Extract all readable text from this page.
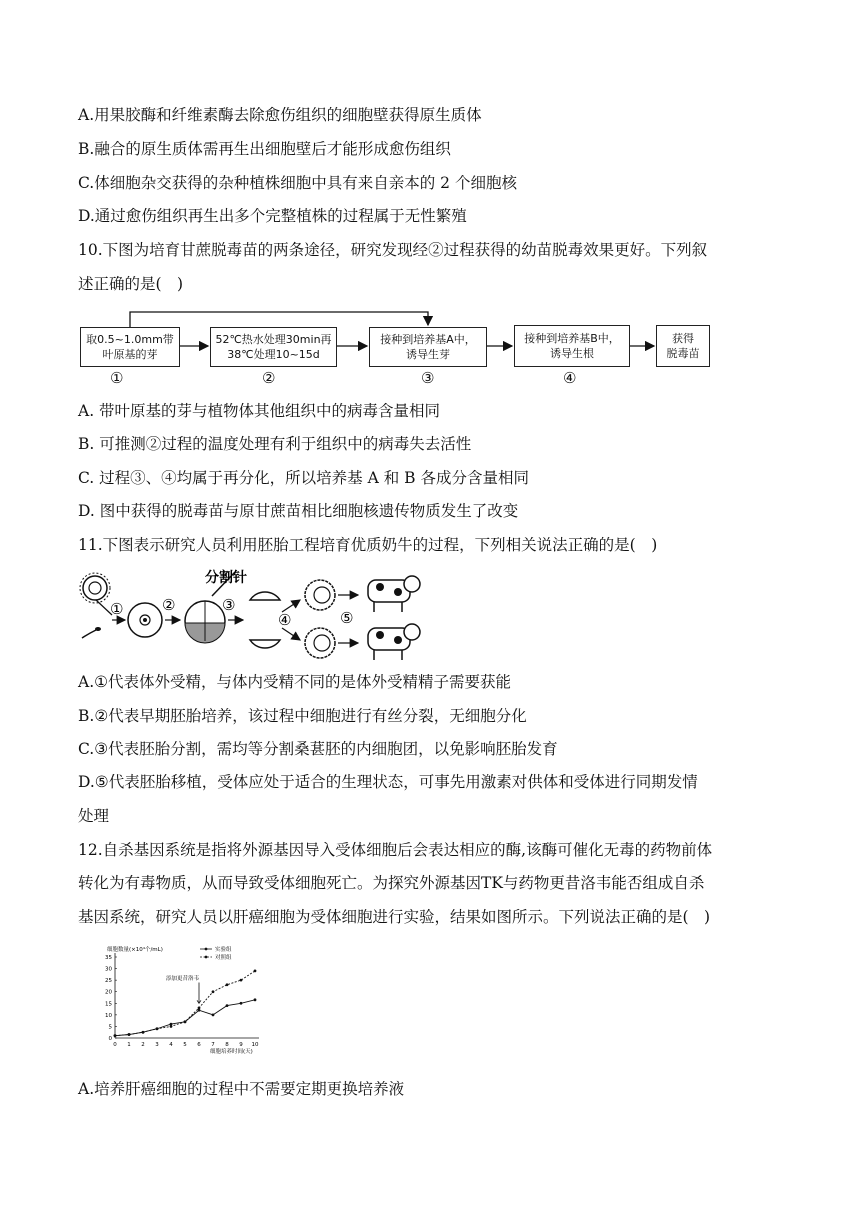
A.用果胶酶和纤维素酶去除愈伤组织的细胞壁获得原生质体
B.融合的原生质体需再生出细胞壁后才能形成愈伤组织
C.体细胞杂交获得的杂种植株细胞中具有来自亲本的 2 个细胞核
D.通过愈伤组织再生出多个完整植株的过程属于无性繁殖
10.下图为培育甘蔗脱毒苗的两条途径，研究发现经②过程获得的幼苗脱毒效果更好。下列叙
述正确的是(　)
取0.5~1.0mm带
叶原基的芽
52℃热水处理30min再
38℃处理10~15d
接种到培养基A中，
诱导生芽
接种到培养基B中，
诱导生根
获得
脱毒苗
①	②	③	④
A. 带叶原基的芽与植物体其他组织中的病毒含量相同
B. 可推测②过程的温度处理有利于组织中的病毒失去活性
C. 过程③、④均属于再分化，所以培养基 A 和 B 各成分含量相同
D. 图中获得的脱毒苗与原甘蔗苗相比细胞核遗传物质发生了改变
11.下图表示研究人员利用胚胎工程培育优质奶牛的过程，下列相关说法正确的是(　)
①	②
分割针
③
④	⑤
A.①代表体外受精，与体内受精不同的是体外受精精子需要获能
B.②代表早期胚胎培养，该过程中细胞进行有丝分裂，无细胞分化
C.③代表胚胎分割，需均等分割桑葚胚的内细胞团，以免影响胚胎发育
D.⑤代表胚胎移植，受体应处于适合的生理状态，可事先用激素对供体和受体进行同期发情
处理
12.自杀基因系统是指将外源基因导入受体细胞后会表达相应的酶,该酶可催化无毒的药物前体
转化为有毒物质，从而导致受体细胞死亡。为探究外源基因TK与药物更昔洛韦能否组成自杀
基因系统，研究人员以肝癌细胞为受体细胞进行实验，结果如图所示。下列说法正确的是(　)
细胞数量(×10⁴个/mL)
细胞培养时间(天)
0
5
10
15
20
25
30
35
0 1 2 3 4 5 6 7 8 9 10
实验组
对照组
添加更昔洛韦
A.培养肝癌细胞的过程中不需要定期更换培养液
